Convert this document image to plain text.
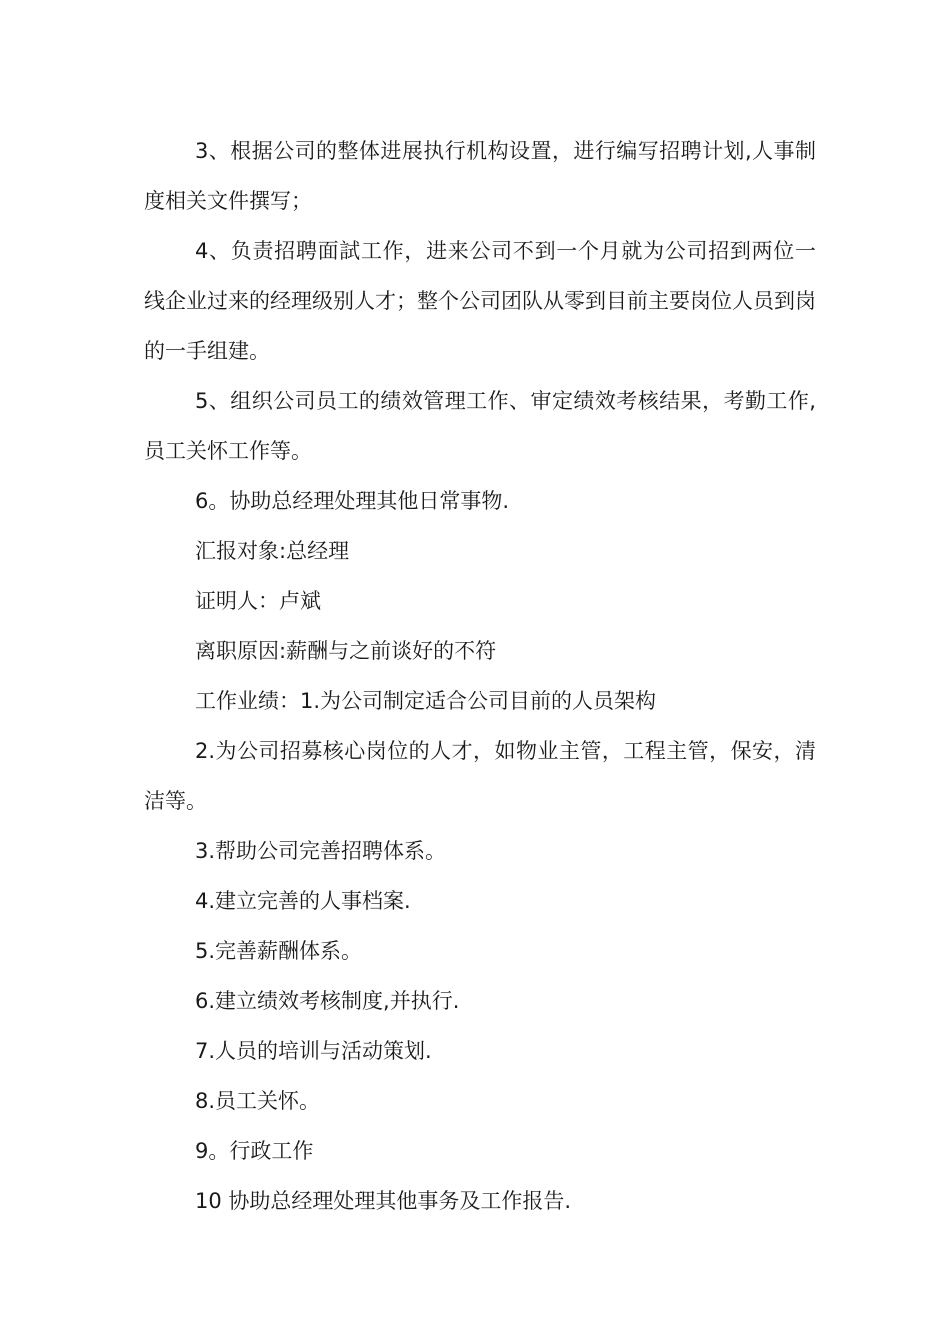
3、根据公司的整体进展执行机构设置，进行编写招聘计划,人事制度相关文件撰写；

4、负责招聘面試工作，进来公司不到一个月就为公司招到两位一线企业过来的经理级别人才；整个公司团队从零到目前主要岗位人员到岗的一手组建。

5、组织公司员工的绩效管理工作、审定绩效考核结果，考勤工作,员工关怀工作等。

6。协助总经理处理其他日常事物.

汇报对象:总经理

证明人：卢斌

离职原因:薪酬与之前谈好的不符

工作业绩：1.为公司制定适合公司目前的人员架构

2.为公司招募核心岗位的人才，如物业主管，工程主管，保安，清洁等。

3.帮助公司完善招聘体系。

4.建立完善的人事档案.

5.完善薪酬体系。

6.建立绩效考核制度,并执行.

7.人员的培训与活动策划.

8.员工关怀。

9。行政工作

10 协助总经理处理其他事务及工作报告.
